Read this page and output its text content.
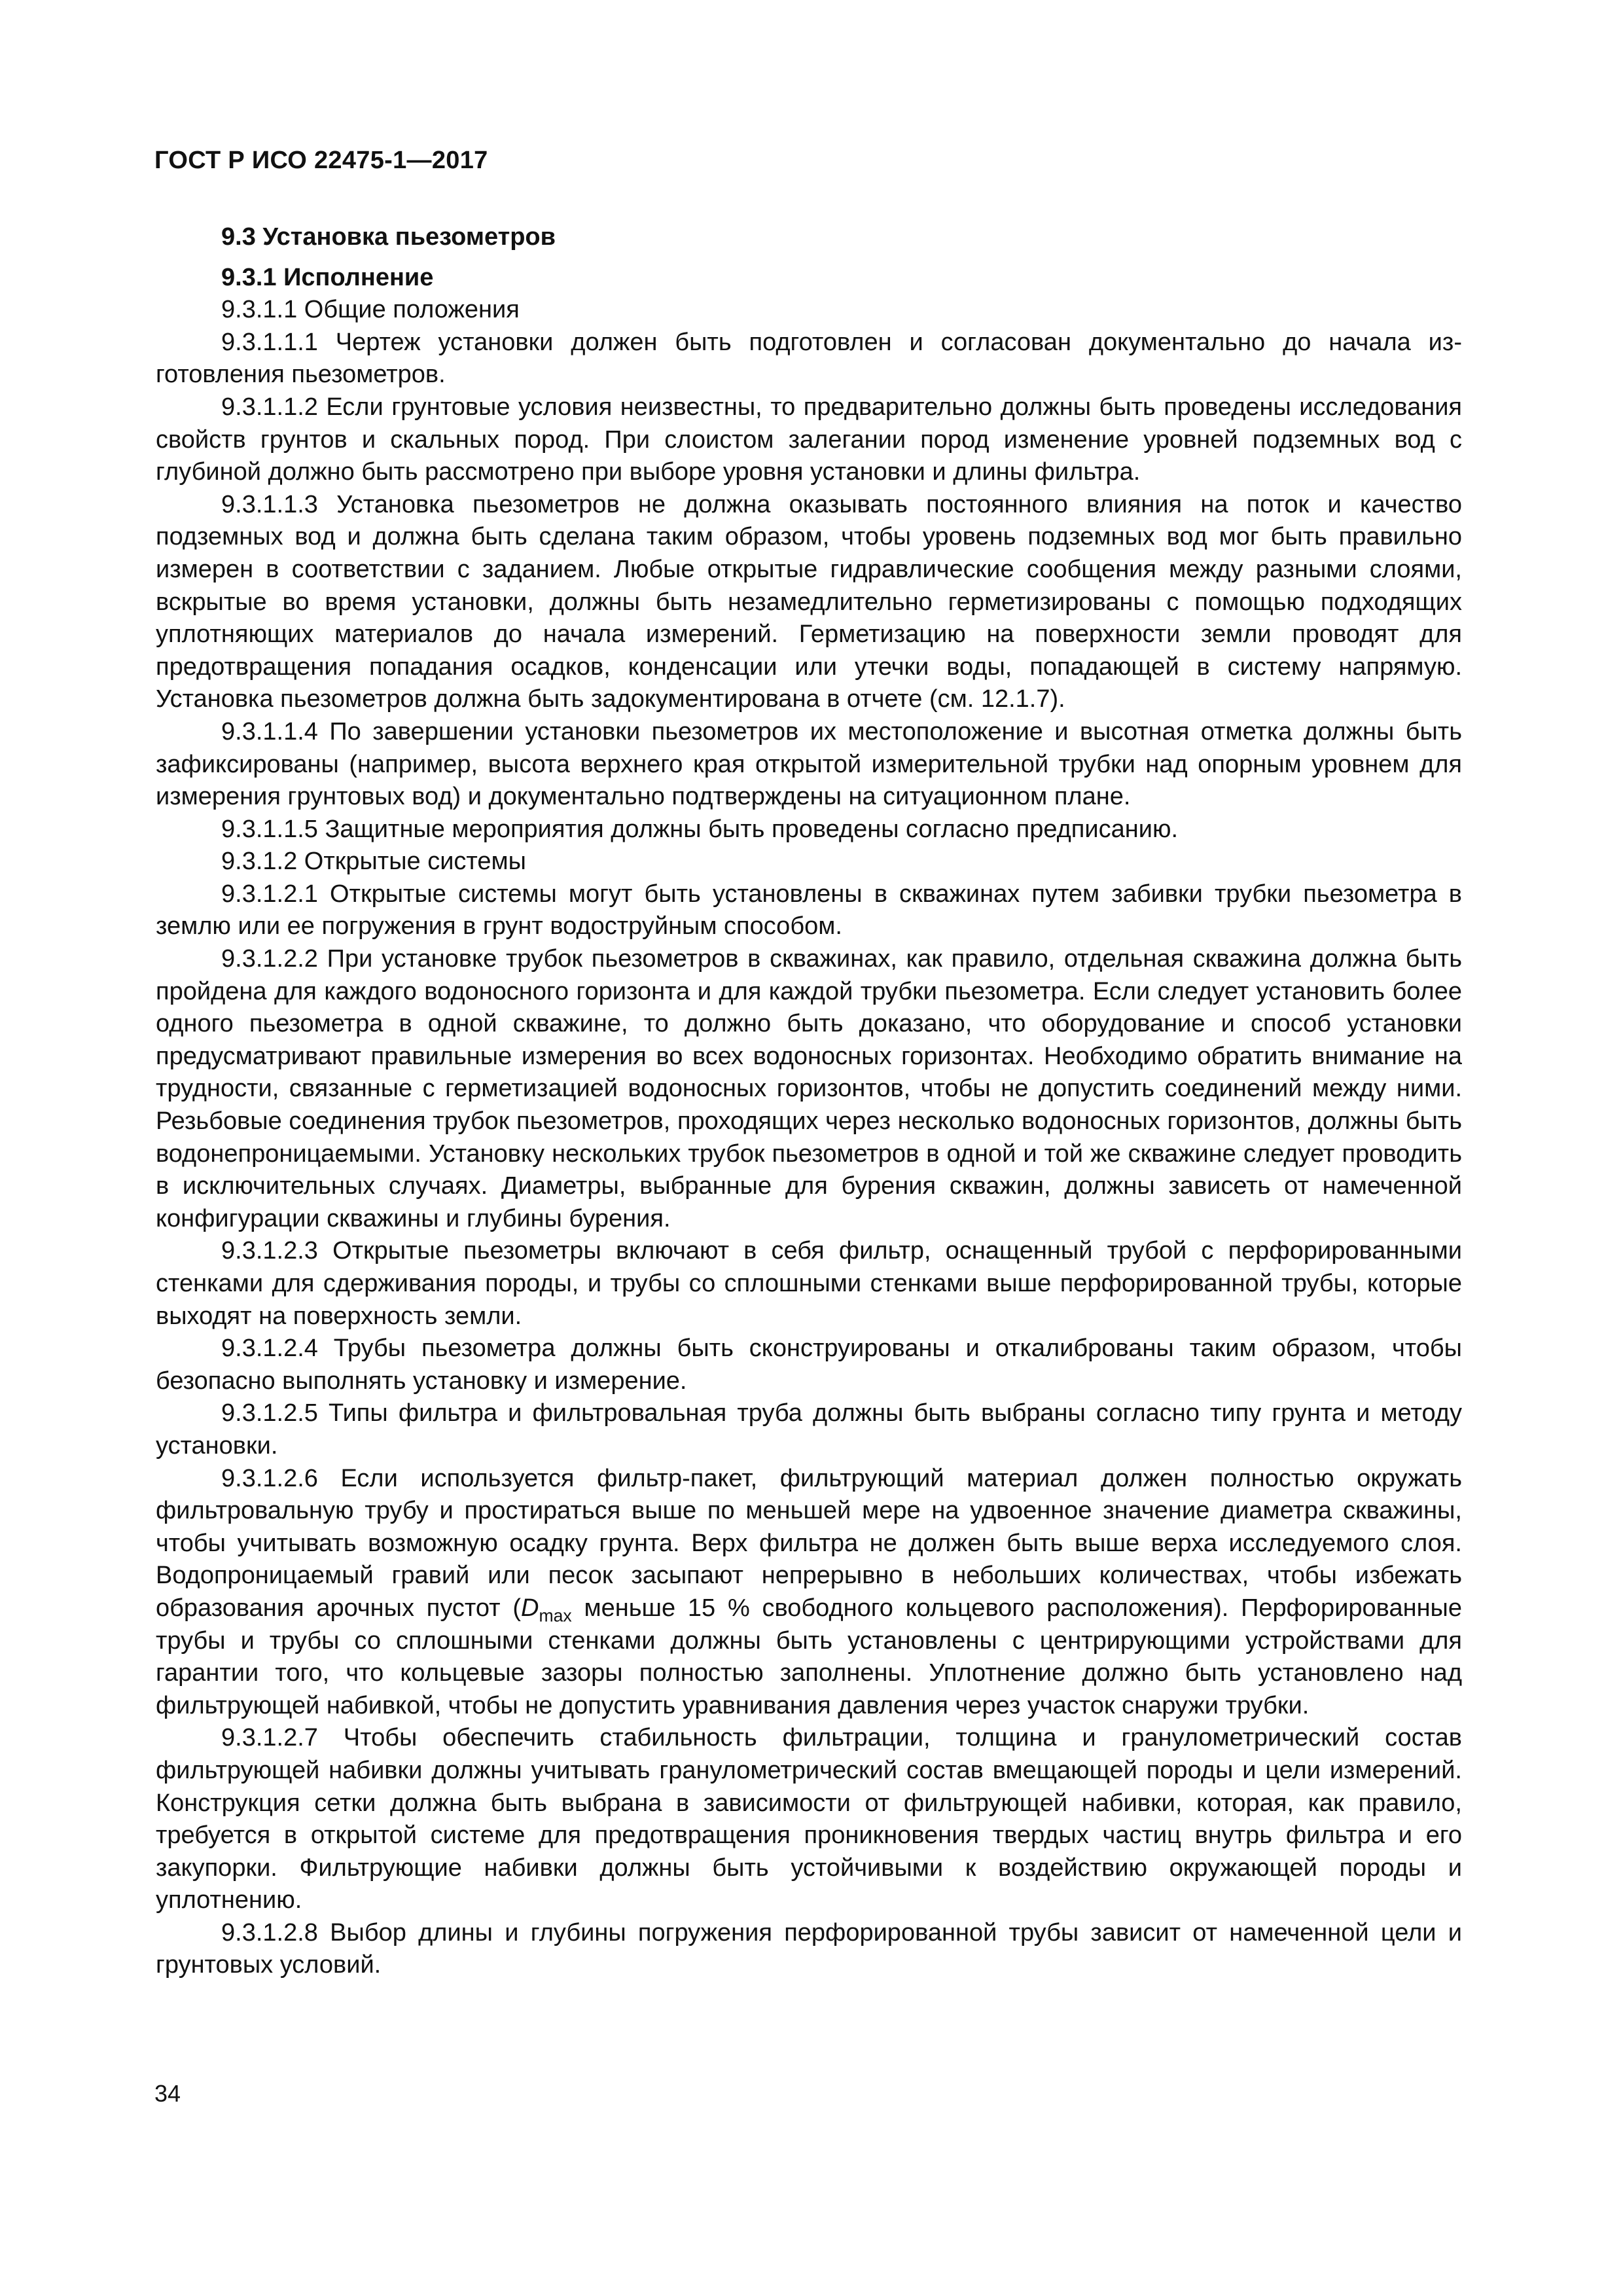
ГОСТ Р ИСО 22475-1—2017

9.3 Установка пьезометров

9.3.1 Исполнение

9.3.1.1 Общие положения

9.3.1.1.1 Чертеж установки должен быть подготовлен и согласован документально до начала изготовления пьезометров.

9.3.1.1.2 Если грунтовые условия неизвестны, то предварительно должны быть проведены исследования свойств грунтов и скальных пород. При слоистом залегании пород изменение уровней подземных вод с глубиной должно быть рассмотрено при выборе уровня установки и длины фильтра.

9.3.1.1.3 Установка пьезометров не должна оказывать постоянного влияния на поток и качество подземных вод и должна быть сделана таким образом, чтобы уровень подземных вод мог быть правильно измерен в соответствии с заданием. Любые открытые гидравлические сообщения между разными слоями, вскрытые во время установки, должны быть незамедлительно герметизированы с помощью подходящих уплотняющих материалов до начала измерений. Герметизацию на поверхности земли проводят для предотвращения попадания осадков, конденсации или утечки воды, попадающей в систему напрямую. Установка пьезометров должна быть задокументирована в отчете (см. 12.1.7).

9.3.1.1.4 По завершении установки пьезометров их местоположение и высотная отметка должны быть зафиксированы (например, высота верхнего края открытой измерительной трубки над опорным уровнем для измерения грунтовых вод) и документально подтверждены на ситуационном плане.

9.3.1.1.5 Защитные мероприятия должны быть проведены согласно предписанию.

9.3.1.2 Открытые системы

9.3.1.2.1 Открытые системы могут быть установлены в скважинах путем забивки трубки пьезометра в землю или ее погружения в грунт водоструйным способом.

9.3.1.2.2 При установке трубок пьезометров в скважинах, как правило, отдельная скважина должна быть пройдена для каждого водоносного горизонта и для каждой трубки пьезометра. Если следует установить более одного пьезометра в одной скважине, то должно быть доказано, что оборудование и способ установки предусматривают правильные измерения во всех водоносных горизонтах. Необходимо обратить внимание на трудности, связанные с герметизацией водоносных горизонтов, чтобы не допустить соединений между ними. Резьбовые соединения трубок пьезометров, проходящих через несколько водоносных горизонтов, должны быть водонепроницаемыми. Установку нескольких трубок пьезометров в одной и той же скважине следует проводить в исключительных случаях. Диаметры, выбранные для бурения скважин, должны зависеть от намеченной конфигурации скважины и глубины бурения.

9.3.1.2.3 Открытые пьезометры включают в себя фильтр, оснащенный трубой с перфорированными стенками для сдерживания породы, и трубы со сплошными стенками выше перфорированной трубы, которые выходят на поверхность земли.

9.3.1.2.4 Трубы пьезометра должны быть сконструированы и откалиброваны таким образом, чтобы безопасно выполнять установку и измерение.

9.3.1.2.5 Типы фильтра и фильтровальная труба должны быть выбраны согласно типу грунта и методу установки.

9.3.1.2.6 Если используется фильтр-пакет, фильтрующий материал должен полностью окружать фильтровальную трубу и простираться выше по меньшей мере на удвоенное значение диаметра скважины, чтобы учитывать возможную осадку грунта. Верх фильтра не должен быть выше верха исследуемого слоя. Водопроницаемый гравий или песок засыпают непрерывно в небольших количествах, чтобы избежать образования арочных пустот ($D_{max}$ меньше 15 % свободного кольцевого расположения). Перфорированные трубы и трубы со сплошными стенками должны быть установлены с центрирующими устройствами для гарантии того, что кольцевые зазоры полностью заполнены. Уплотнение должно быть установлено над фильтрующей набивкой, чтобы не допустить уравнивания давления через участок снаружи трубки.

9.3.1.2.7 Чтобы обеспечить стабильность фильтрации, толщина и гранулометрический состав фильтрующей набивки должны учитывать гранулометрический состав вмещающей породы и цели измерений. Конструкция сетки должна быть выбрана в зависимости от фильтрующей набивки, которая, как правило, требуется в открытой системе для предотвращения проникновения твердых частиц внутрь фильтра и его закупорки. Фильтрующие набивки должны быть устойчивыми к воздействию окружающей породы и уплотнению.

9.3.1.2.8 Выбор длины и глубины погружения перфорированной трубы зависит от намеченной цели и грунтовых условий.

34
